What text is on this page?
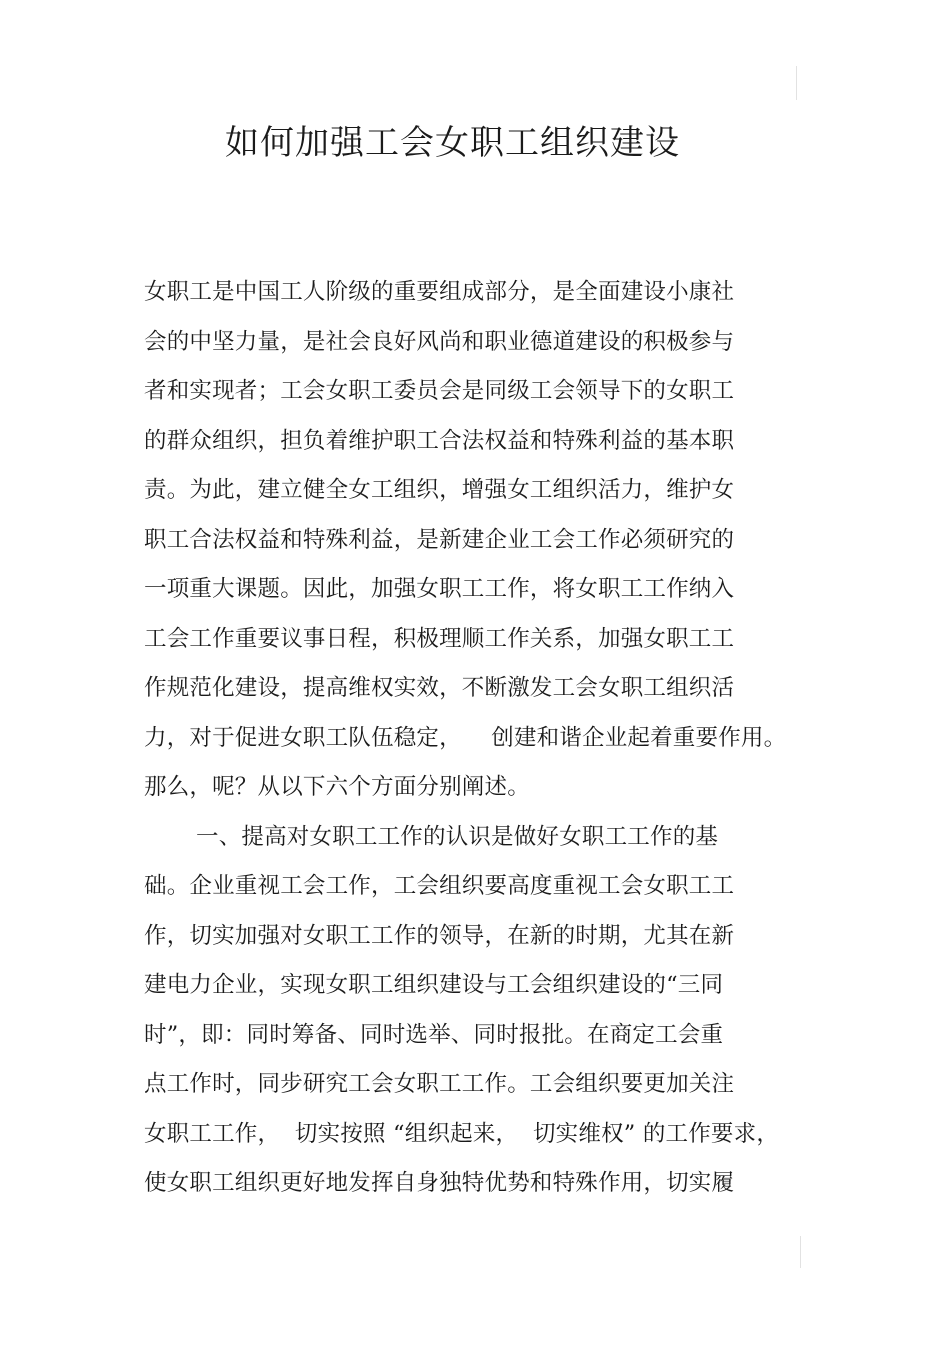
如何加强工会女职工组织建设
女职工是中国工人阶级的重要组成部分，是全面建设小康社
会的中坚力量，是社会良好风尚和职业德道建设的积极参与
者和实现者；工会女职工委员会是同级工会领导下的女职工
的群众组织，担负着维护职工合法权益和特殊利益的基本职
责。为此，建立健全女工组织，增强女工组织活力，维护女
职工合法权益和特殊利益，是新建企业工会工作必须研究的
一项重大课题。因此，加强女职工工作，将女职工工作纳入
工会工作重要议事日程，积极理顺工作关系，加强女职工工
作规范化建设，提高维权实效，不断激发工会女职工组织活
力，对于促进女职工队伍稳定，    创建和谐企业起着重要作用。
那么，呢？从以下六个方面分别阐述。
一、提高对女职工工作的认识是做好女职工工作的基
础。企业重视工会工作，工会组织要高度重视工会女职工工
作，切实加强对女职工工作的领导，在新的时期，尤其在新
建电力企业，实现女职工组织建设与工会组织建设的“三同
时”，即：同时筹备、同时选举、同时报批。在商定工会重
点工作时，同步研究工会女职工工作。工会组织要更加关注
女职工工作，  切实按照 “组织起来，  切实维权” 的工作要求，
使女职工组织更好地发挥自身独特优势和特殊作用，切实履
